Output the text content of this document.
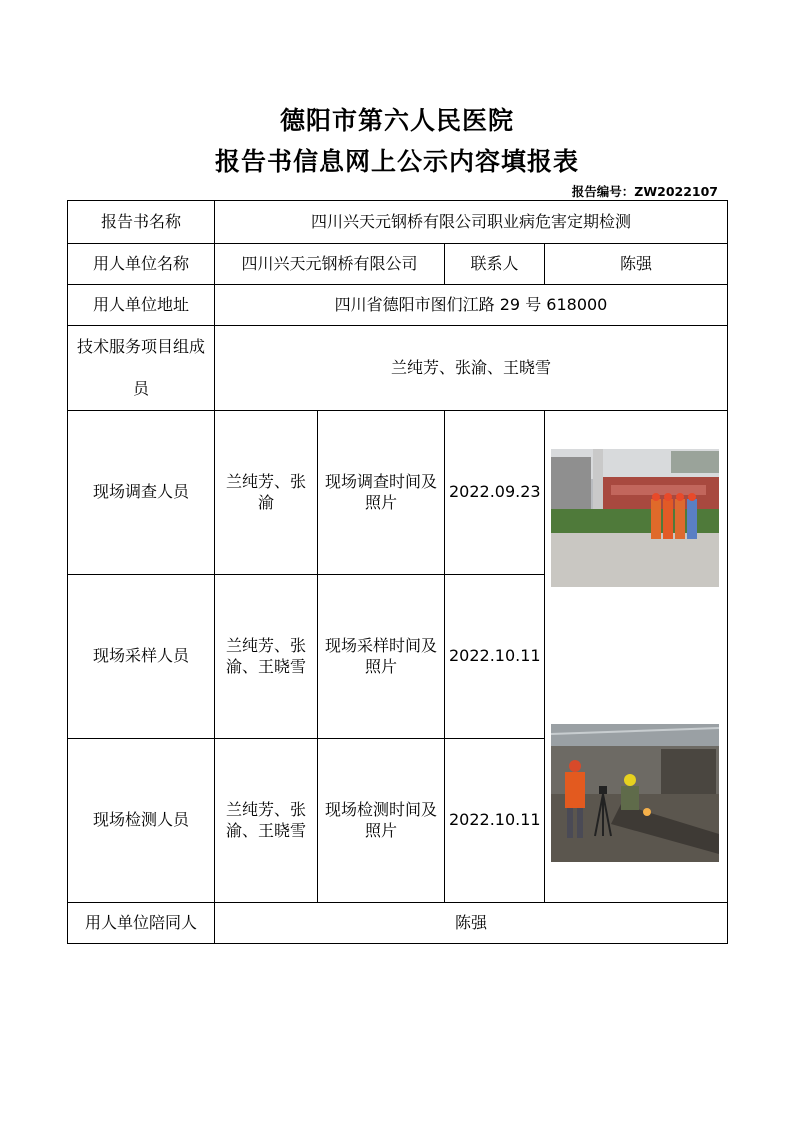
德阳市第六人民医院
报告书信息网上公示内容填报表
报告编号：ZW2022107
报告书名称	四川兴天元钢桥有限公司职业病危害定期检测			
用人单位名称	四川兴天元钢桥有限公司		联系人	陈强
用人单位地址	四川省德阳市图们江路 29 号 618000			
技术服务项目组成员	兰纯芳、张渝、王晓雪			
现场调查人员	兰纯芳、张渝	现场调查时间及照片	2022.09.23	

现场采样人员	兰纯芳、张渝、王晓雪	现场采样时间及照片	2022.10.11	
现场检测人员	兰纯芳、张渝、王晓雪	现场检测时间及照片	2022.10.11	
用人单位陪同人	陈强			
